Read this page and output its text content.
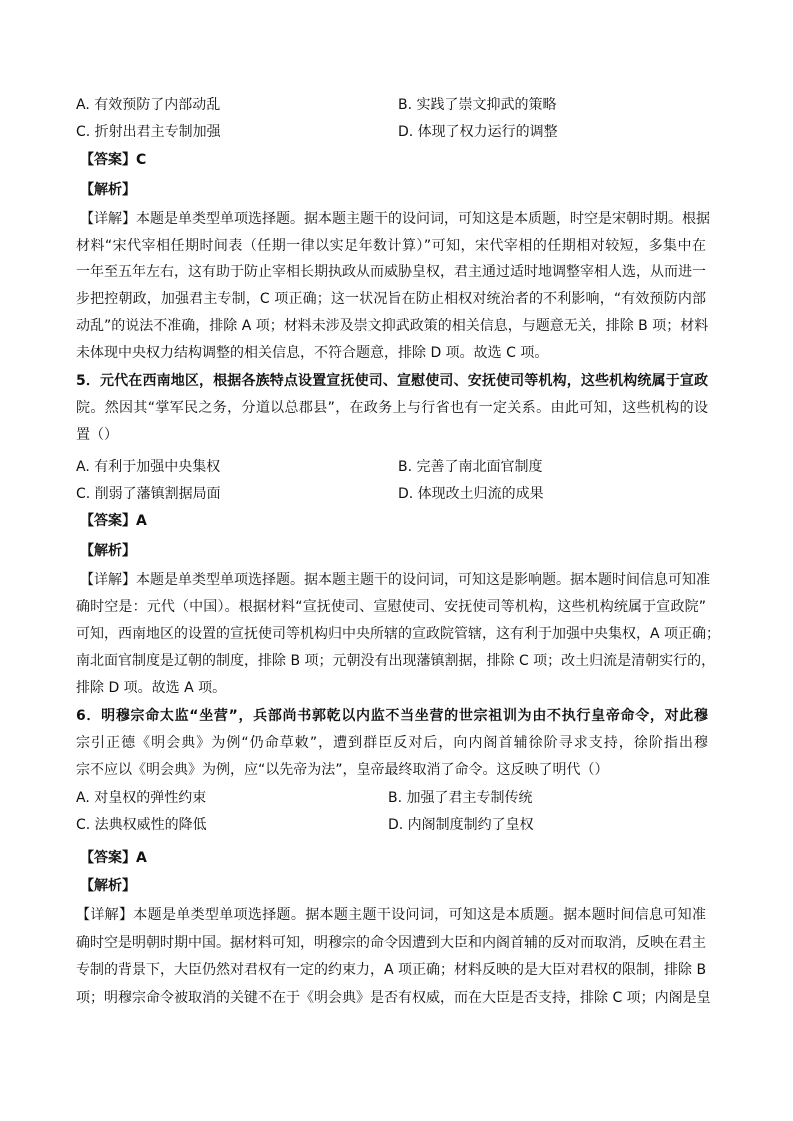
A. 有效预防了内部动乱	B. 实践了崇文抑武的策略
C. 折射出君主专制加强	D. 体现了权力运行的调整
【答案】C
【解析】
【详解】本题是单类型单项选择题。据本题主题干的设问词，可知这是本质题，时空是宋朝时期。根据
材料“宋代宰相任期时间表（任期一律以实足年数计算）”可知，宋代宰相的任期相对较短，多集中在
一年至五年左右，这有助于防止宰相长期执政从而威胁皇权，君主通过适时地调整宰相人选，从而进一
步把控朝政，加强君主专制，C 项正确；这一状况旨在防止相权对统治者的不利影响，“有效预防内部
动乱”的说法不准确，排除 A 项；材料未涉及崇文抑武政策的相关信息，与题意无关，排除 B 项；材料
未体现中央权力结构调整的相关信息，不符合题意，排除 D 项。故选 C 项。
5．元代在西南地区，根据各族特点设置宣抚使司、宣慰使司、安抚使司等机构，这些机构统属于宣政
院。然因其“掌军民之务，分道以总郡县”，在政务上与行省也有一定关系。由此可知，这些机构的设
置（）
A. 有利于加强中央集权	B. 完善了南北面官制度
C. 削弱了藩镇割据局面	D. 体现改土归流的成果
【答案】A
【解析】
【详解】本题是单类型单项选择题。据本题主题干的设问词，可知这是影响题。据本题时间信息可知准
确时空是：元代（中国）。根据材料“宣抚使司、宣慰使司、安抚使司等机构，这些机构统属于宣政院”
可知，西南地区的设置的宣抚使司等机构归中央所辖的宣政院管辖，这有利于加强中央集权，A 项正确；
南北面官制度是辽朝的制度，排除 B 项；元朝没有出现藩镇割据，排除 C 项；改土归流是清朝实行的，
排除 D 项。故选 A 项。
6．明穆宗命太监“坐营”，兵部尚书郭乾以内监不当坐营的世宗祖训为由不执行皇帝命令，对此穆
宗引正德《明会典》为例“仍命草敕”，遭到群臣反对后，向内阁首辅徐阶寻求支持，徐阶指出穆
宗不应以《明会典》为例，应“以先帝为法”，皇帝最终取消了命令。这反映了明代（）
A. 对皇权的弹性约束	B. 加强了君主专制传统
C. 法典权威性的降低	D. 内阁制度制约了皇权
【答案】A
【解析】
【详解】本题是单类型单项选择题。据本题主题干设问词，可知这是本质题。据本题时间信息可知准
确时空是明朝时期中国。据材料可知，明穆宗的命令因遭到大臣和内阁首辅的反对而取消，反映在君主
专制的背景下，大臣仍然对君权有一定的约束力，A 项正确；材料反映的是大臣对君权的限制，排除 B
项；明穆宗命令被取消的关键不在于《明会典》是否有权威，而在大臣是否支持，排除 C 项；内阁是皇
